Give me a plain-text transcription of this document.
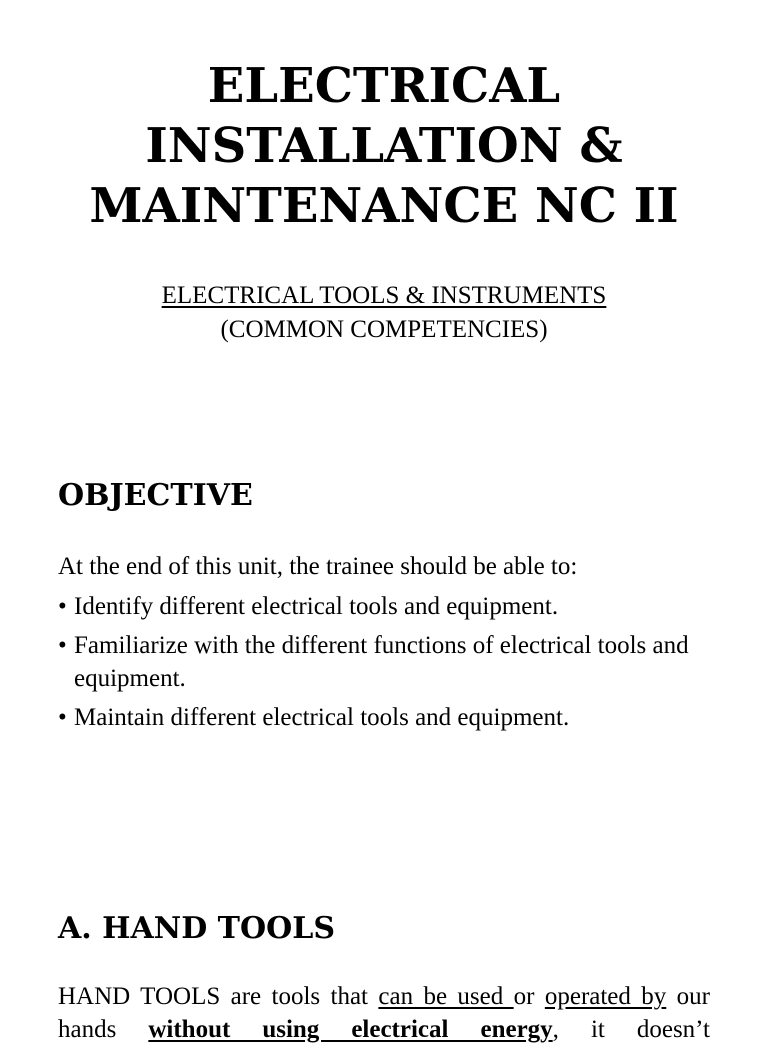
ELECTRICAL
INSTALLATION &
MAINTENANCE NC II
ELECTRICAL TOOLS & INSTRUMENTS
(COMMON COMPETENCIES)
OBJECTIVE
At the end of this unit, the trainee should be able to:
• Identify different electrical tools and equipment.
• Familiarize with the different functions of electrical tools and equipment.
• Maintain different electrical tools and equipment.
A. HAND TOOLS

HAND TOOLS are tools that can be used or operated by our hands without using electrical energy, it doesn’t
